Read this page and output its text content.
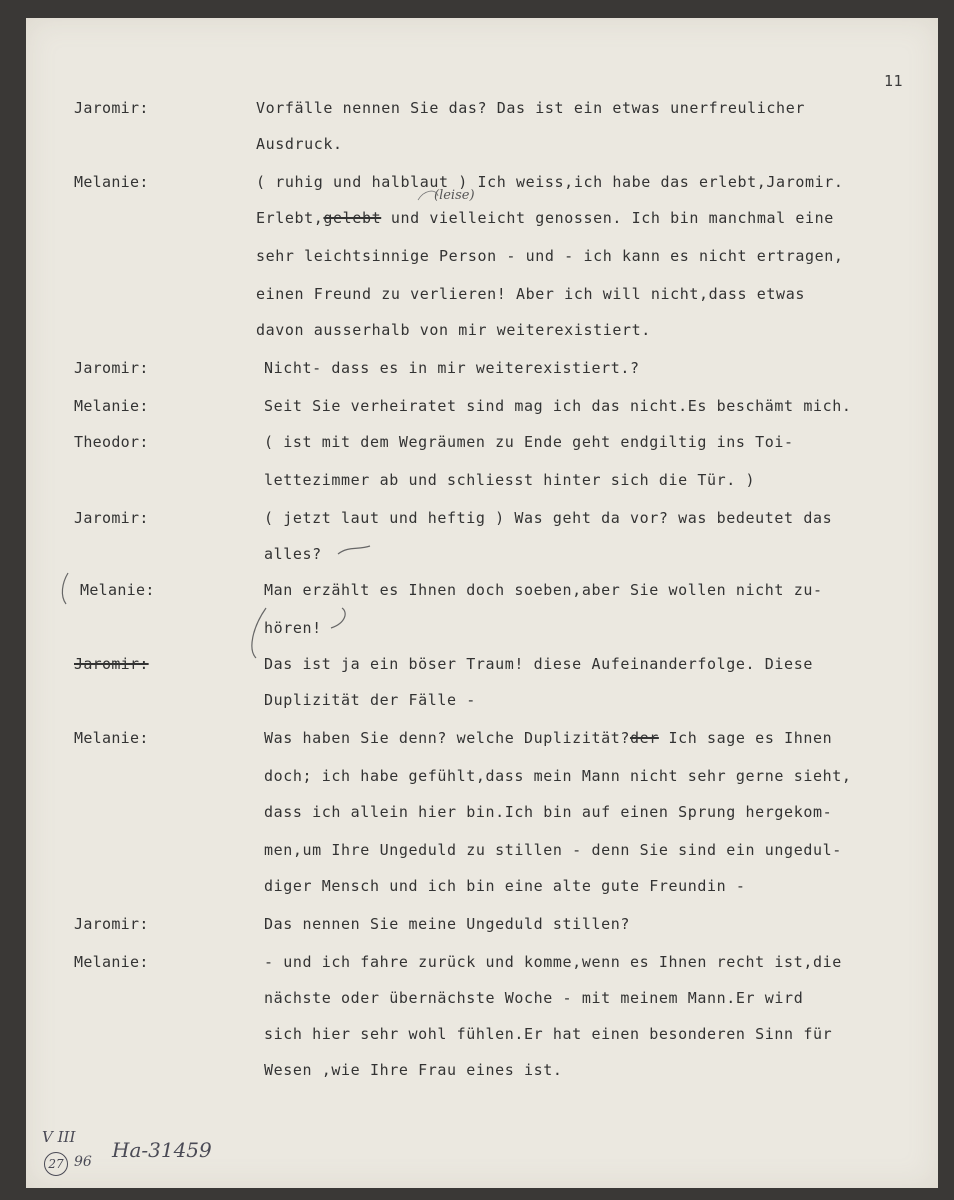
11
Jaromir:	Vorfälle nennen Sie das? Das ist ein etwas unerfreulicher
Ausdruck.
Melanie:	( ruhig und halblaut ) Ich weiss,ich habe das erlebt,Jaromir.
Erlebt,gelebt und vielleicht genossen. Ich bin manchmal eine
(leise)
sehr leichtsinnige Person - und - ich kann es nicht ertragen,
einen Freund zu verlieren! Aber ich will nicht,dass etwas
davon ausserhalb von mir weiterexistiert.
Jaromir:	Nicht- dass es in mir weiterexistiert.?
Melanie:	Seit Sie verheiratet sind mag ich das nicht.Es beschämt mich.
Theodor:	( ist mit dem Wegräumen zu Ende geht endgiltig ins Toi-
lettezimmer ab und schliesst hinter sich die Tür. )
Jaromir:	( jetzt laut und heftig ) Was geht da vor? was bedeutet das
alles?
Melanie:	Man erzählt es Ihnen doch soeben,aber Sie wollen nicht zu-
hören!
Jaromir:	Das ist ja ein böser Traum! diese Aufeinanderfolge. Diese
Duplizität der Fälle -
Melanie:	Was haben Sie denn? welche Duplizität?der Ich sage es Ihnen
doch; ich habe gefühlt,dass mein Mann nicht sehr gerne sieht,
dass ich allein hier bin.Ich bin auf einen Sprung hergekom-
men,um Ihre Ungeduld zu stillen - denn Sie sind ein ungedul-
diger Mensch und ich bin eine alte gute Freundin -
Jaromir:	Das nennen Sie meine Ungeduld stillen?
Melanie:	- und ich fahre zurück und komme,wenn es Ihnen recht ist,die
nächste oder übernächste Woche - mit meinem Mann.Er wird
sich hier sehr wohl fühlen.Er hat einen besonderen Sinn für
Wesen ,wie Ihre Frau eines ist.
V III
27 96 Ha-31459
